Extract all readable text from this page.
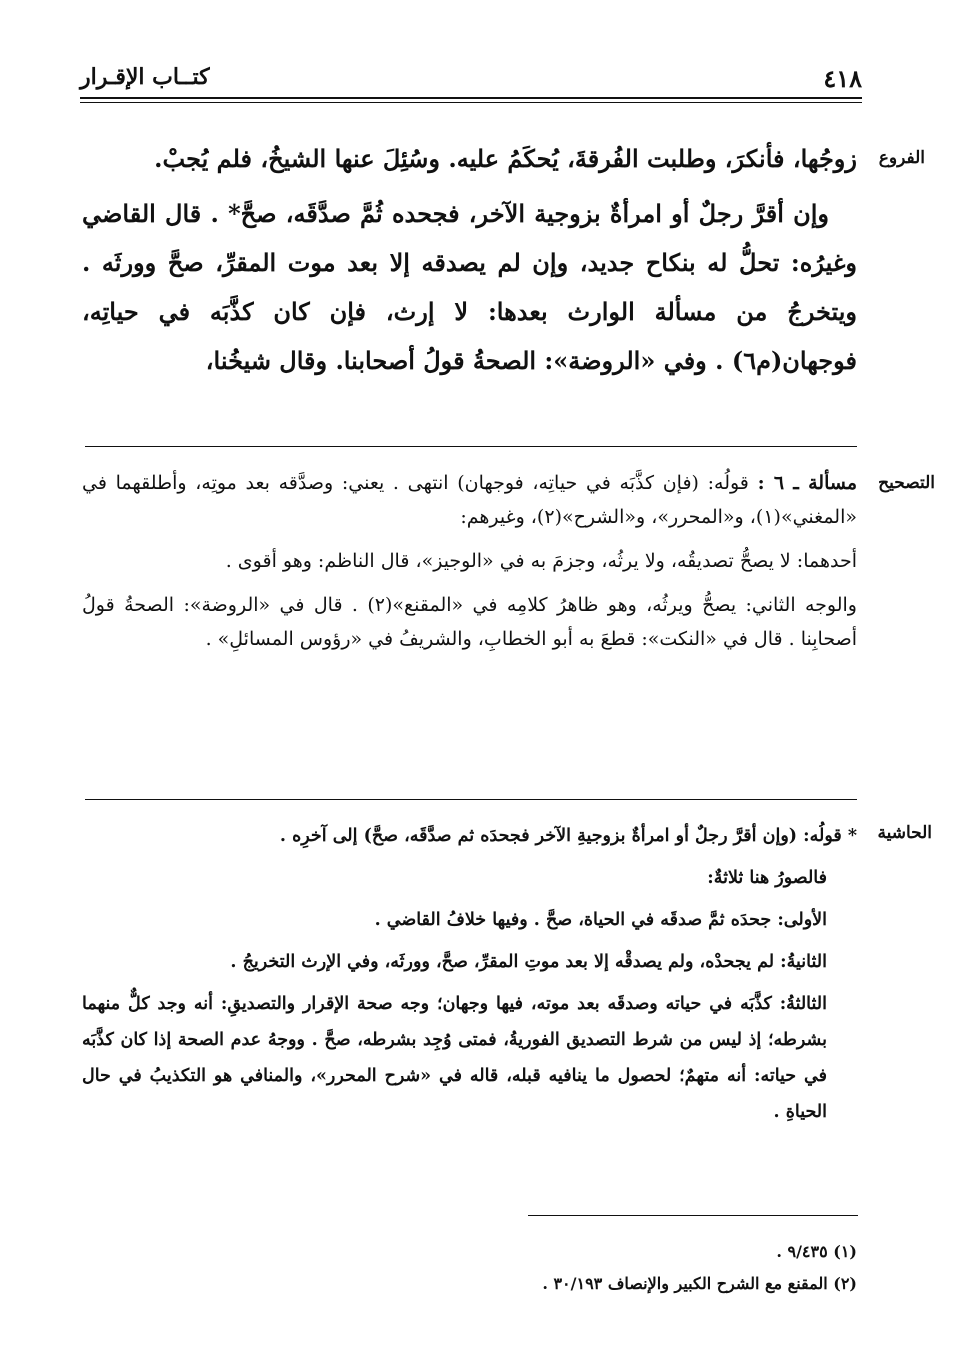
٤١٨
كتــاب الإقـرار
الفروع

زوجُها، فأنكرَ، وطلبت الفُرقةَ، يُحكَمُ عليه. وسُئِلَ عنها الشيخُ، فلم يُجبْ.

وإن أقرَّ رجلٌ أو امرأةٌ بزوجية الآخر، فجحده ثُمَّ صدَّقَه، صحَّ* . قال القاضي وغيرُه: تحلُّ له بنكاح جديد، وإن لم يصدقه إلا بعد موت المقرِّ، صحَّ وورثَه . ويتخرجُ من مسألة الوارث بعدها: لا إرث، فإن كان كذَّبَه في حياتِه، فوجهان(م٦) . وفي «الروضة»: الصحةُ قولُ أصحابنا. وقال شيخُنا،

التصحيح

مسألة ـ ٦ : قولُه: (فإن كذَّبَه في حياتِه، فوجهان) انتهى . يعني: وصدَّقه بعد موتِه، وأطلقهما في «المغني»(١)، و«المحرر»، و«الشرح»(٢)، وغيرهم:

أحدهما: لا يصحُّ تصديقُه، ولا يرثُه، وجزمَ به في «الوجيز»، قال الناظم: وهو أقوى .

والوجه الثاني: يصحُّ ويرثُه، وهو ظاهرُ كلامِه في «المقنع»(٢) . قال في «الروضة»: الصحةُ قولُ أصحابِنا . قال في «النكت»: قطعَ به أبو الخطابِ، والشريفُ في «رؤوس المسائلِ» .

الحاشية

* قولُه: (وإن أقرَّ رجلٌ أو امرأةٌ بزوجيةِ الآخر فجحدَه ثم صدَّقَه، صحَّ) إلى آخرِه .

فالصورُ هنا ثلاثةٌ:

الأولى: جحدَه ثمَّ صدقَه في الحياة، صحَّ . وفيها خلافُ القاضي .

الثانيةُ: لم يجحدْه، ولم يصدقْه إلا بعد موتِ المقرِّ، صحَّ، وورثَه، وفي الإرث التخريجُ .

الثالثةُ: كذَّبَه في حياته وصدقَه بعد موته، فيها وجهان؛ وجه صحة الإقرار والتصديقِ: أنه وجد كلٌّ منهما بشرطه؛ إذ ليس من شرط التصديق الفوريةُ، فمتى وُجِد بشرطه، صحَّ . ووجهُ عدم الصحة إذا كان كذَّبَه في حياته: أنه متهمٌ؛ لحصول ما ينافيه قبله، قاله في «شرح المحرر»، والمنافي هو التكذيبُ في حال الحياةِ .

(١) ٩/٤٣٥ .
(٢) المقنع مع الشرح الكبير والإنصاف ٣٠/١٩٣ .
